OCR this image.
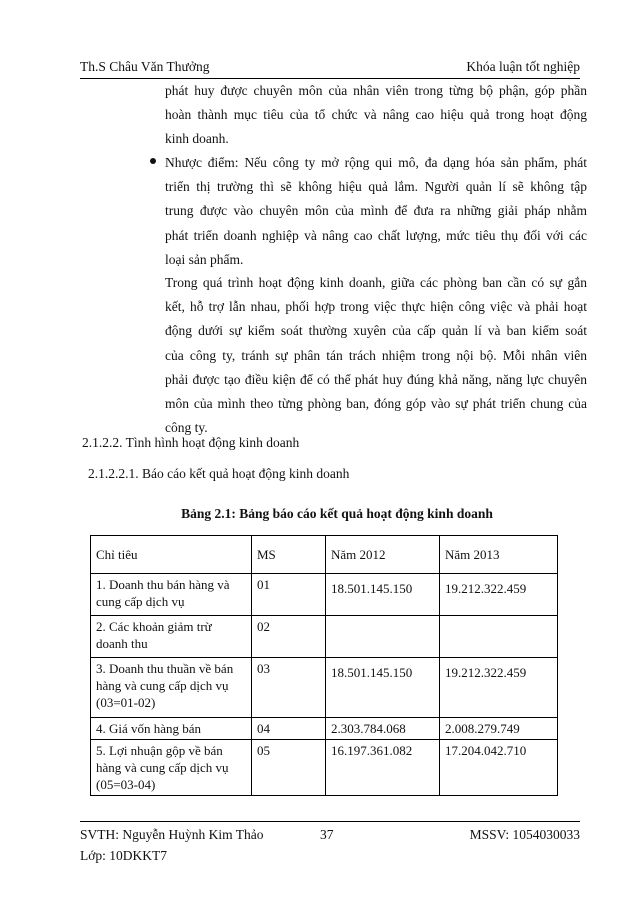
Th.S Châu Văn Thưởng	Khóa luận tốt nghiệp
phát huy được chuyên môn của nhân viên trong từng bộ phận, góp phần
hoàn thành mục tiêu của tổ chức và nâng cao hiệu quả trong hoạt động
kinh doanh.
Nhược điểm: Nếu công ty mở rộng qui mô, đa dạng hóa sản phẩm, phát
triển thị trường thì sẽ không hiệu quả lắm. Người quản lí sẽ không tập
trung được vào chuyên môn của mình để đưa ra những giải pháp nhằm
phát triển doanh nghiệp và nâng cao chất lượng, mức tiêu thụ đối với các
loại sản phẩm.
Trong quá trình hoạt động kinh doanh, giữa các phòng ban cần có sự gắn
kết, hỗ trợ lẫn nhau, phối hợp trong việc thực hiện công việc và phải hoạt
động dưới sự kiểm soát thường xuyên của cấp quản lí và ban kiểm soát
của công ty, tránh sự phân tán trách nhiệm trong nội bộ. Mỗi nhân viên
phải được tạo điều kiện để có thể phát huy đúng khả năng, năng lực chuyên
môn của mình theo từng phòng ban, đóng góp vào sự phát triển chung của
công ty.
2.1.2.2. Tình hình hoạt động kinh doanh
2.1.2.2.1. Báo cáo kết quả hoạt động kinh doanh
Bảng 2.1: Bảng báo cáo kết quả hoạt động kinh doanh
Chỉ tiêu	MS	Năm 2012	Năm 2013

1. Doanh thu bán hàng và
cung cấp dịch vụ	01	18.501.145.150	19.212.322.459

2. Các khoản giảm trừ
doanh thu	02		

3. Doanh thu thuần về bán
hàng và cung cấp dịch vụ
(03=01-02)	03	18.501.145.150	19.212.322.459

4. Giá vốn hàng bán	04	2.303.784.068	2.008.279.749

5. Lợi nhuận gộp về bán
hàng và cung cấp dịch vụ
(05=03-04)	05	16.197.361.082	17.204.042.710
SVTH: Nguyễn Huỳnh Kim Thảo	37	MSSV: 1054030033
Lớp: 10DKKT7
